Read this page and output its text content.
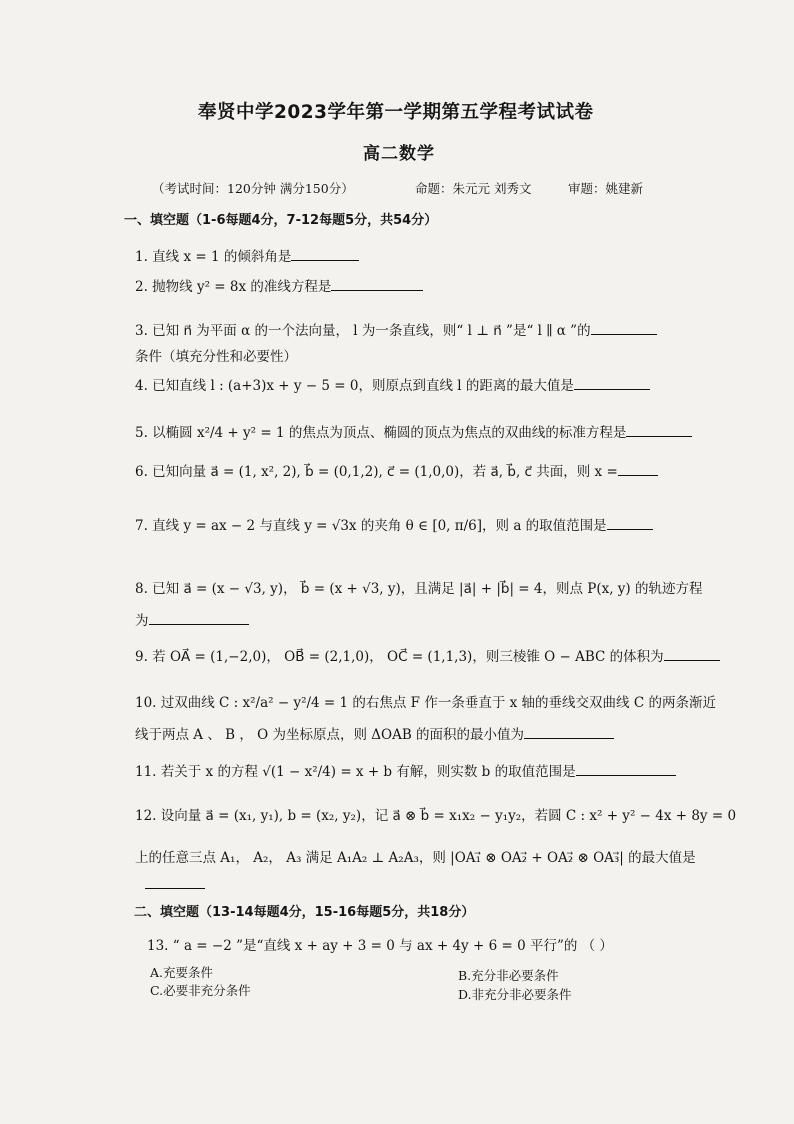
奉贤中学2023学年第一学期第五学程考试试卷
高二数学
（考试时间：120分钟 满分150分）	命题：朱元元 刘秀文	审题：姚建新
一、填空题（1-6每题4分，7-12每题5分，共54分）
1. 直线 x = 1 的倾斜角是
2. 抛物线 y² = 8x 的准线方程是
3. 已知 n⃗ 为平面 α 的一个法向量， l 为一条直线，则“ l ⊥ n⃗ ”是“ l ∥ α ”的
条件（填充分性和必要性）
4. 已知直线 l : (a+3)x + y − 5 = 0，则原点到直线 l 的距离的最大值是
5. 以椭圆 x²/4 + y² = 1 的焦点为顶点、椭圆的顶点为焦点的双曲线的标准方程是
6. 已知向量 a⃗ = (1, x², 2), b⃗ = (0,1,2), c⃗ = (1,0,0)，若 a⃗, b⃗, c⃗ 共面，则 x =
7. 直线 y = ax − 2 与直线 y = √3x 的夹角 θ ∈ [0, π/6]，则 a 的取值范围是
8. 已知 a⃗ = (x − √3, y)， b⃗ = (x + √3, y)，且满足 |a⃗| + |b⃗| = 4，则点 P(x, y) 的轨迹方程
为
9. 若 OA⃗ = (1,−2,0)， OB⃗ = (2,1,0)， OC⃗ = (1,1,3)，则三棱锥 O − ABC 的体积为
10. 过双曲线 C : x²/a² − y²/4 = 1 的右焦点 F 作一条垂直于 x 轴的垂线交双曲线 C 的两条渐近
线于两点 A 、 B ， O 为坐标原点，则 ΔOAB 的面积的最小值为
11. 若关于 x 的方程 √(1 − x²/4) = x + b 有解，则实数 b 的取值范围是
12. 设向量 a⃗ = (x₁, y₁), b = (x₂, y₂)，记 a⃗ ⊗ b⃗ = x₁x₂ − y₁y₂，若圆 C : x² + y² − 4x + 8y = 0
上的任意三点 A₁， A₂， A₃ 满足 A₁A₂ ⊥ A₂A₃，则 |OA₁⃗ ⊗ OA₂⃗ + OA₂⃗ ⊗ OA₃⃗| 的最大值是
二、填空题（13-14每题4分，15-16每题5分，共18分）
13. “ a = −2 ”是“直线 x + ay + 3 = 0 与 ax + 4y + 6 = 0 平行”的 （ ）
A.充要条件	B.充分非必要条件
C.必要非充分条件	D.非充分非必要条件
